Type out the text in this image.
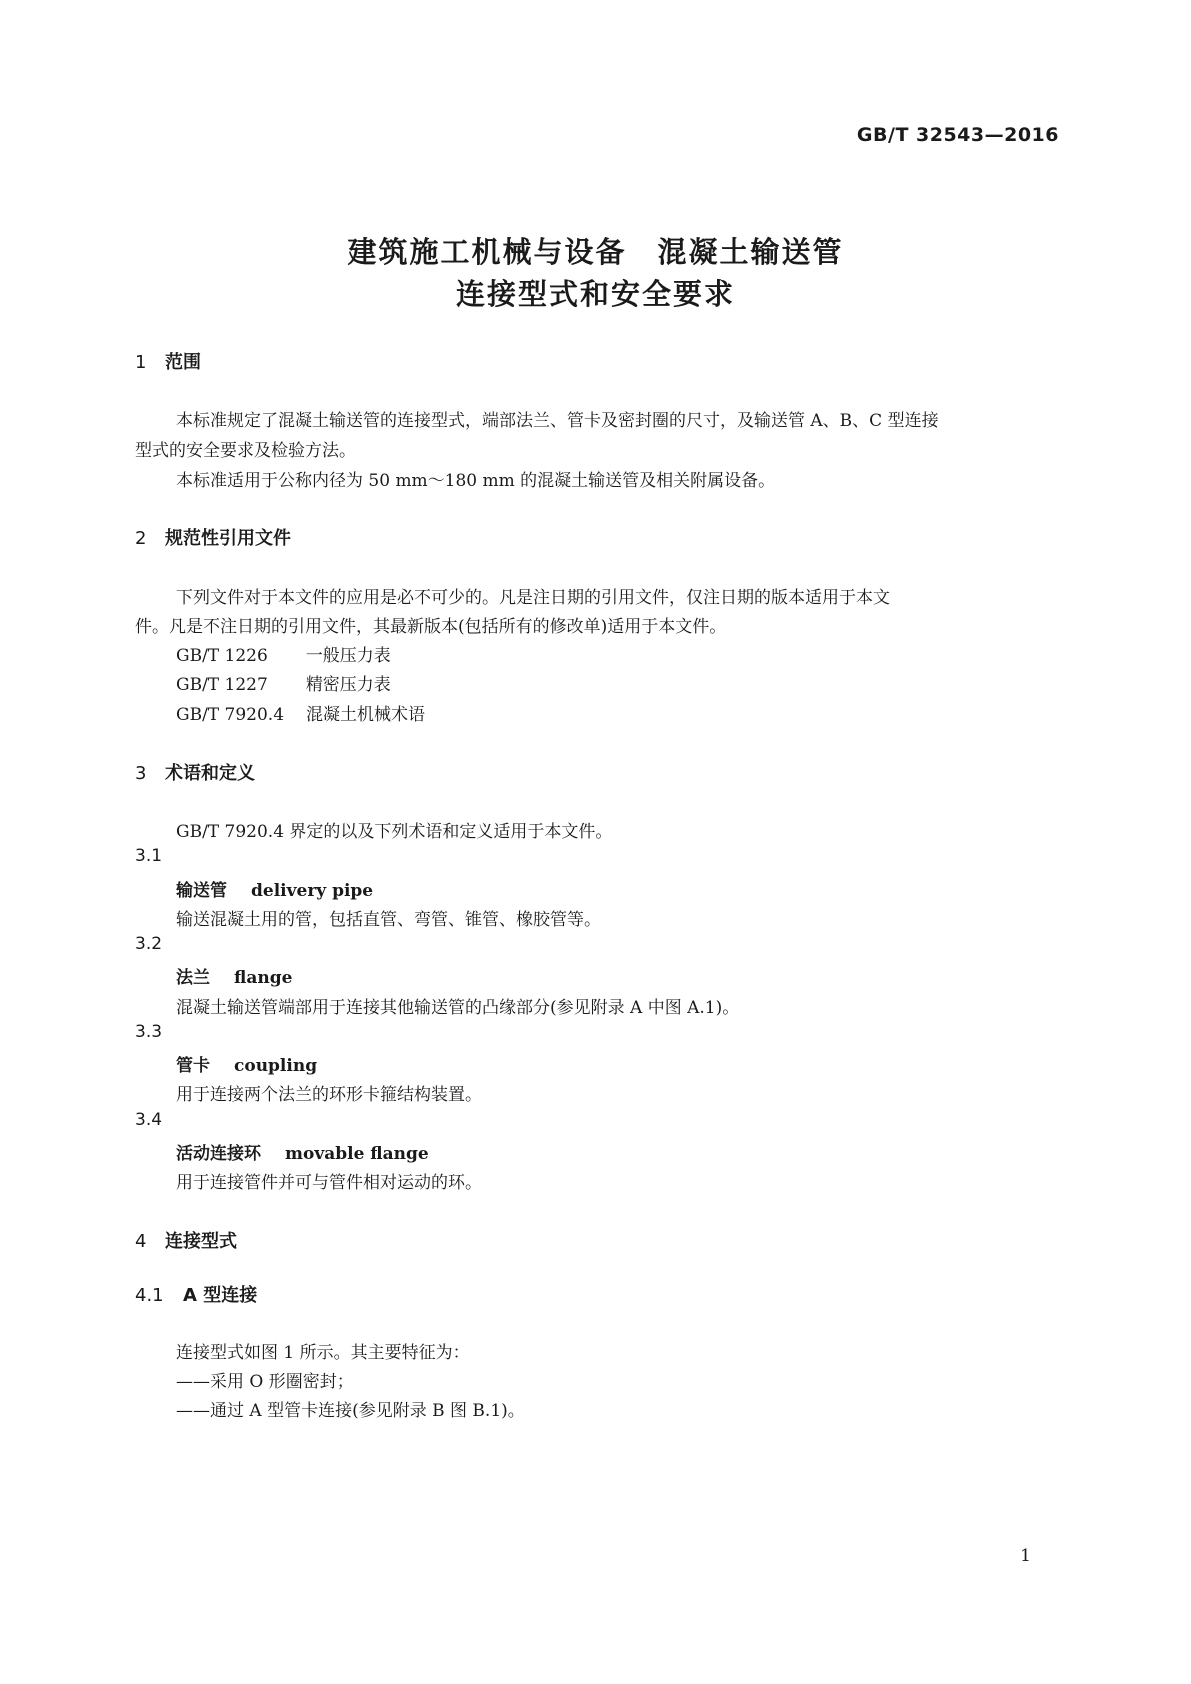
GB/T 32543—2016
建筑施工机械与设备　混凝土输送管
连接型式和安全要求
1 范围
本标准规定了混凝土输送管的连接型式，端部法兰、管卡及密封圈的尺寸，及输送管 A、B、C 型连接
型式的安全要求及检验方法。
本标准适用于公称内径为 50 mm～180 mm 的混凝土输送管及相关附属设备。
2 规范性引用文件
下列文件对于本文件的应用是必不可少的。凡是注日期的引用文件，仅注日期的版本适用于本文
件。凡是不注日期的引用文件，其最新版本(包括所有的修改单)适用于本文件。
GB/T 1226 一般压力表
GB/T 1227 精密压力表
GB/T 7920.4 混凝土机械术语
3 术语和定义
GB/T 7920.4 界定的以及下列术语和定义适用于本文件。
3.1
输送管 delivery pipe
输送混凝土用的管，包括直管、弯管、锥管、橡胶管等。
3.2
法兰 flange
混凝土输送管端部用于连接其他输送管的凸缘部分(参见附录 A 中图 A.1)。
3.3
管卡 coupling
用于连接两个法兰的环形卡箍结构装置。
3.4
活动连接环 movable flange
用于连接管件并可与管件相对运动的环。
4 连接型式
4.1 A 型连接
连接型式如图 1 所示。其主要特征为：
——采用 O 形圈密封；
——通过 A 型管卡连接(参见附录 B 图 B.1)。
1
